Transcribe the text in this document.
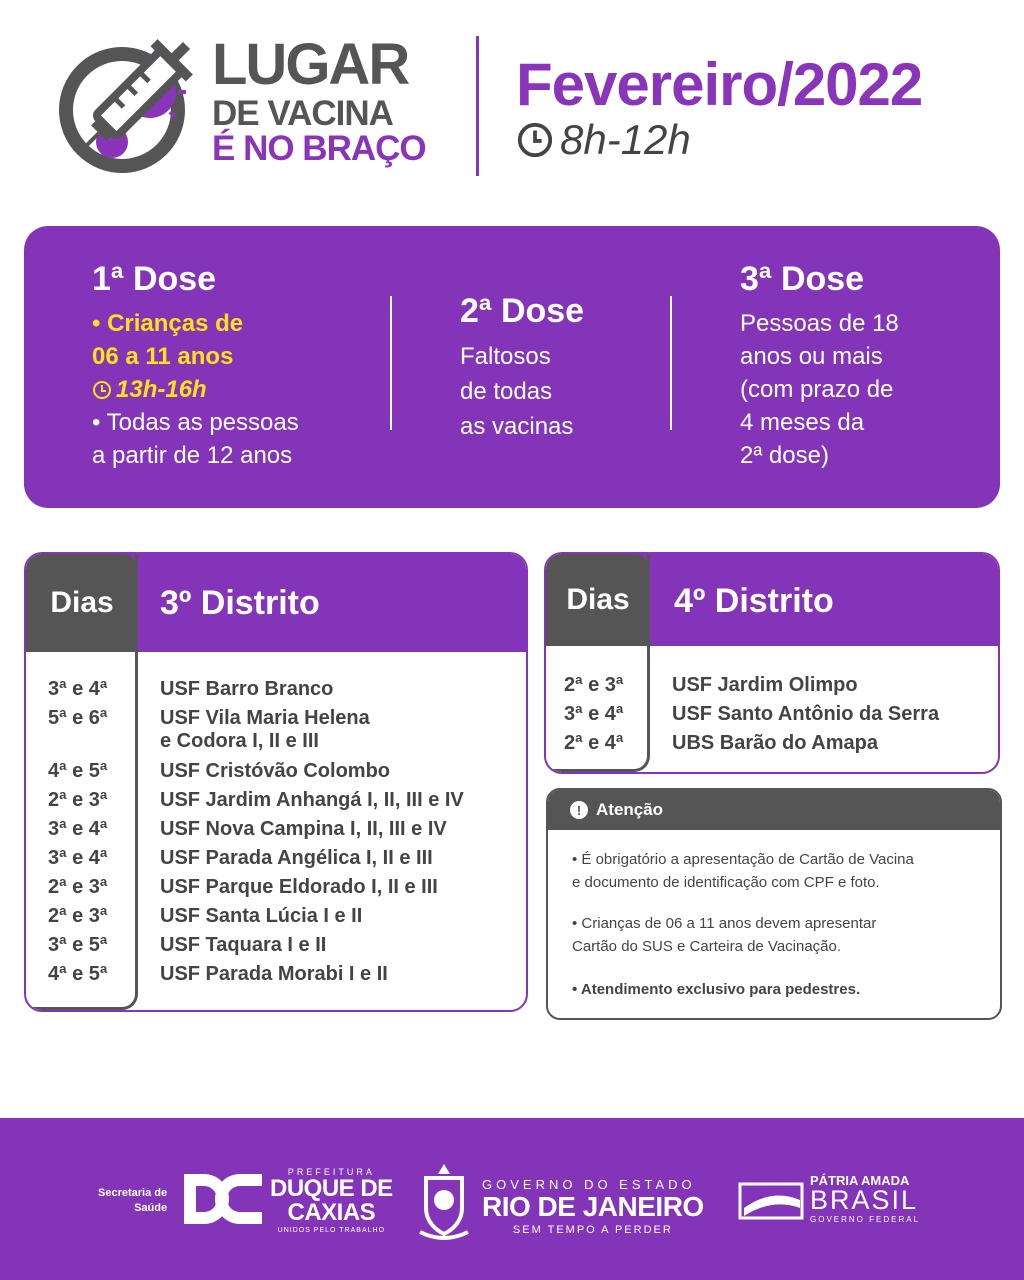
LUGAR
DE VACINA
É NO BRAÇO
Fevereiro/2022
8h-12h
1ª Dose
• Crianças de
06 a 11 anos
13h-16h
• Todas as pessoas
a partir de 12 anos
2ª Dose
Faltosos
de todas
as vacinas
3ª Dose
Pessoas de 18
anos ou mais
(com prazo de
4 meses da
2ª dose)
Dias	3º Distrito
3ª e 4ª	USF Barro Branco
5ª e 6ª	USF Vila Maria Helena
e Codora I, II e III
4ª e 5ª	USF Cristóvão Colombo
2ª e 3ª	USF Jardim Anhangá I, II, III e IV
3ª e 4ª	USF Nova Campina I, II, III e IV
3ª e 4ª	USF Parada Angélica I, II e III
2ª e 3ª	USF Parque Eldorado I, II e III
2ª e 3ª	USF Santa Lúcia I e II
3ª e 5ª	USF Taquara I e II
4ª e 5ª	USF Parada Morabi I e II
Dias	4º Distrito
2ª e 3ª USF Jardim Olimpo
3ª e 4ª USF Santo Antônio da Serra
2ª e 4ª UBS Barão do Amapa
! Atenção
• É obrigatório a apresentação de Cartão de Vacina
e documento de identificação com CPF e foto.
• Crianças de 06 a 11 anos devem apresentar
Cartão do SUS e Carteira de Vacinação.
• Atendimento exclusivo para pedestres.
Secretaria de
Saúde
PREFEITURA
DUQUE DE
CAXIAS
UNIDOS PELO TRABALHO
GOVERNO DO ESTADO
RIO DE JANEIRO
SEM TEMPO A PERDER
PÁTRIA AMADA
BRASIL
GOVERNO FEDERAL
